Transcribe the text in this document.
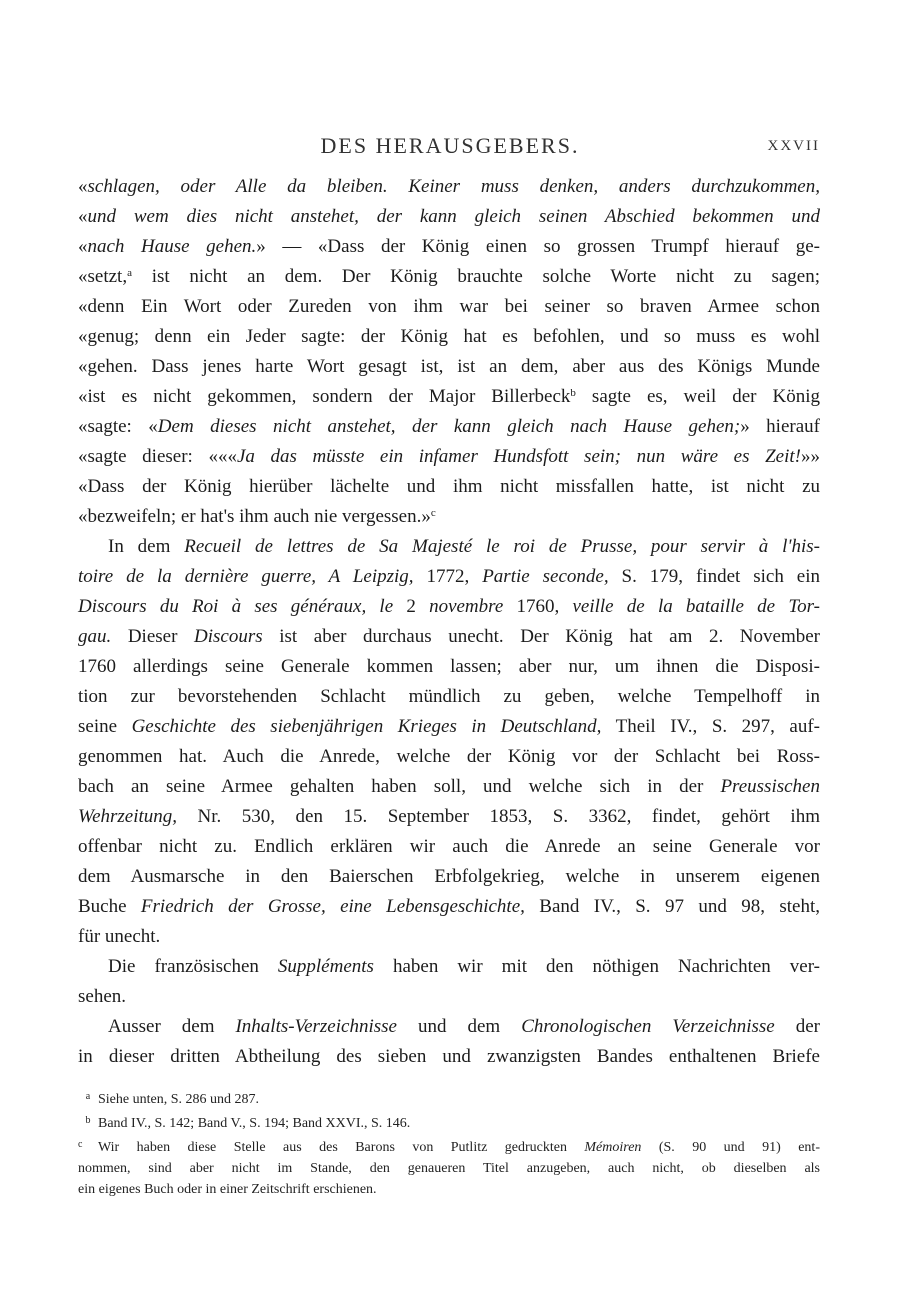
DES HERAUSGEBERS.	XXVII

«schlagen, oder Alle da bleiben. Keiner muss denken, anders durchzukommen,
«und wem dies nicht anstehet, der kann gleich seinen Abschied bekommen und
«nach Hause gehen.» — «Dass der König einen so grossen Trumpf hierauf ge-
«setzt,$^a$ ist nicht an dem. Der König brauchte solche Worte nicht zu sagen;
«denn Ein Wort oder Zureden von ihm war bei seiner so braven Armee schon
«genug; denn ein Jeder sagte: der König hat es befohlen, und so muss es wohl
«gehen. Dass jenes harte Wort gesagt ist, ist an dem, aber aus des Königs Munde
«ist es nicht gekommen, sondern der Major Billerbeck$^b$ sagte es, weil der König
«sagte: «Dem dieses nicht anstehet, der kann gleich nach Hause gehen;» hierauf
«sagte dieser: «««Ja das müsste ein infamer Hundsfott sein; nun wäre es Zeit!»»
«Dass der König hierüber lächelte und ihm nicht missfallen hatte, ist nicht zu
«bezweifeln; er hat's ihm auch nie vergessen.»$^c$

In dem Recueil de lettres de Sa Majesté le roi de Prusse, pour servir à l'his-
toire de la dernière guerre, A Leipzig, 1772, Partie seconde, S. 179, findet sich ein
Discours du Roi à ses généraux, le 2 novembre 1760, veille de la bataille de Tor-
gau. Dieser Discours ist aber durchaus unecht. Der König hat am 2. November
1760 allerdings seine Generale kommen lassen; aber nur, um ihnen die Disposi-
tion zur bevorstehenden Schlacht mündlich zu geben, welche Tempelhoff in
seine Geschichte des siebenjährigen Krieges in Deutschland, Theil IV., S. 297, auf-
genommen hat. Auch die Anrede, welche der König vor der Schlacht bei Ross-
bach an seine Armee gehalten haben soll, und welche sich in der Preussischen
Wehrzeitung, Nr. 530, den 15. September 1853, S. 3362, findet, gehört ihm
offenbar nicht zu. Endlich erklären wir auch die Anrede an seine Generale vor
dem Ausmarsche in den Baierschen Erbfolgekrieg, welche in unserem eigenen
Buche Friedrich der Grosse, eine Lebensgeschichte, Band IV., S. 97 und 98, steht,
für unecht.

Die französischen Suppléments haben wir mit den nöthigen Nachrichten ver-
sehen.

Ausser dem Inhalts-Verzeichnisse und dem Chronologischen Verzeichnisse der
in dieser dritten Abtheilung des sieben und zwanzigsten Bandes enthaltenen Briefe

a Siehe unten, S. 286 und 287.
b Band IV., S. 142; Band V., S. 194; Band XXVI., S. 146.
c Wir haben diese Stelle aus des Barons von Putlitz gedruckten Mémoiren (S. 90 und 91) ent-
nommen, sind aber nicht im Stande, den genaueren Titel anzugeben, auch nicht, ob dieselben als
ein eigenes Buch oder in einer Zeitschrift erschienen.
